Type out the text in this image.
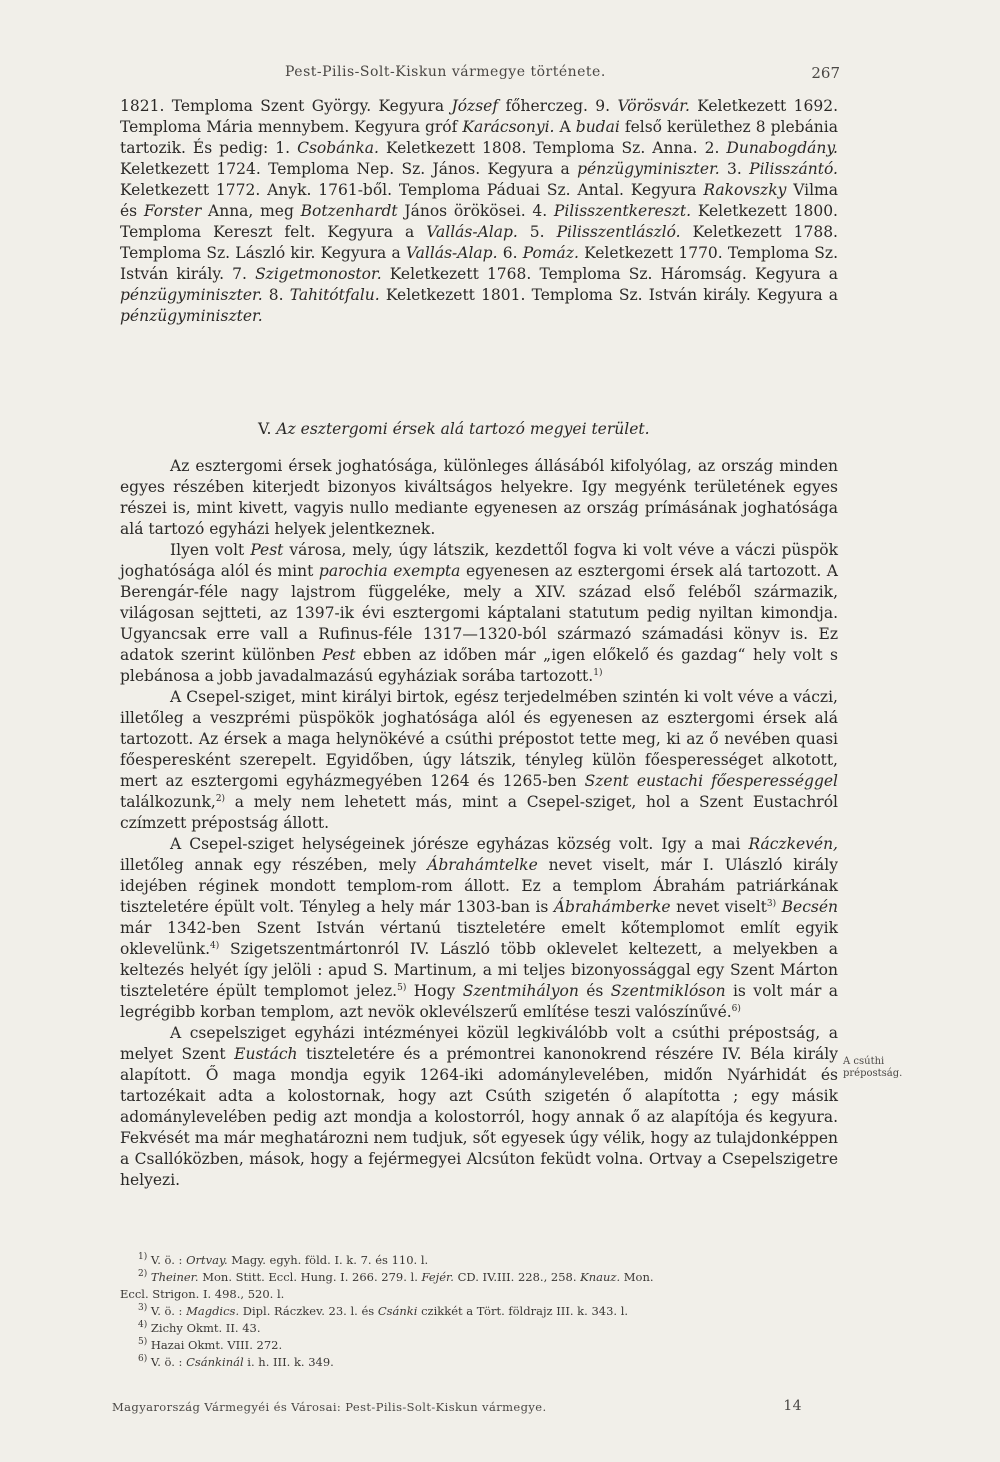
Pest-Pilis-Solt-Kiskun vármegye története.	267

1821. Temploma Szent György. Kegyura József főherczeg. 9. Vörösvár. Keletkezett 1692. Temploma Mária mennybem. Kegyura gróf Karácsonyi. A budai felső kerülethez 8 plebánia tartozik. És pedig: 1. Csobánka. Keletkezett 1808. Temploma Sz. Anna. 2. Dunabogdány. Keletkezett 1724. Temploma Nep. Sz. János. Kegyura a pénzügyminiszter. 3. Pilisszántó. Keletkezett 1772. Anyk. 1761-ből. Temploma Páduai Sz. Antal. Kegyura Rakovszky Vilma és Forster Anna, meg Botzenhardt János örökösei. 4. Pilisszentkereszt. Keletkezett 1800. Temploma Kereszt felt. Kegyura a Vallás-Alap. 5. Pilisszentlászló. Keletkezett 1788. Temploma Sz. László kir. Kegyura a Vallás-Alap. 6. Pomáz. Keletkezett 1770. Temploma Sz. István király. 7. Szigetmonostor. Keletkezett 1768. Temploma Sz. Háromság. Kegyura a pénzügyminiszter. 8. Tahitótfalu. Keletkezett 1801. Temploma Sz. István király. Kegyura a pénzügyminiszter.

V. Az esztergomi érsek alá tartozó megyei terület.

Az esztergomi érsek joghatósága, különleges állásából kifolyólag, az ország minden egyes részében kiterjedt bizonyos kiváltságos helyekre. Igy megyénk területének egyes részei is, mint kivett, vagyis nullo mediante egyenesen az ország prímásának joghatósága alá tartozó egyházi helyek jelentkeznek.

Ilyen volt Pest városa, mely, úgy látszik, kezdettől fogva ki volt véve a váczi püspök joghatósága alól és mint parochia exempta egyenesen az esztergomi érsek alá tartozott. A Berengár-féle nagy lajstrom függeléke, mely a XIV. század első feléből származik, világosan sejtteti, az 1397-ik évi esztergomi káptalani statutum pedig nyiltan kimondja. Ugyancsak erre vall a Rufinus-féle 1317—1320-ból származó számadási könyv is. Ez adatok szerint különben Pest ebben az időben már „igen előkelő és gazdag“ hely volt s plebánosa a jobb javadalmazású egyháziak sorába tartozott.$^{1)}$

A Csepel-sziget, mint királyi birtok, egész terjedelmében szintén ki volt véve a váczi, illetőleg a veszprémi püspökök joghatósága alól és egyenesen az esztergomi érsek alá tartozott. Az érsek a maga helynökévé a csúthi prépostot tette meg, ki az ő nevében quasi főesperesként szerepelt. Egyidőben, úgy látszik, tényleg külön főesperességet alkotott, mert az esztergomi egyházmegyében 1264 és 1265-ben Szent eustachi főesperességgel találkozunk,$^{2)}$ a mely nem lehetett más, mint a Csepel-sziget, hol a Szent Eustachról czímzett prépostság állott.

A Csepel-sziget helységeinek jórésze egyházas község volt. Igy a mai Ráczkevén, illetőleg annak egy részében, mely Ábrahámtelke nevet viselt, már I. Ulászló király idejében réginek mondott templom-rom állott. Ez a templom Ábrahám patriárkának tiszteletére épült volt. Tényleg a hely már 1303-ban is Ábrahámberke nevet viselt$^{3)}$ Becsén már 1342-ben Szent István vértanú tiszteletére emelt kőtemplomot említ egyik oklevelünk.$^{4)}$ Szigetszentmártonról IV. László több oklevelet keltezett, a melyekben a keltezés helyét így jelöli : apud S. Martinum, a mi teljes bizonyossággal egy Szent Márton tiszteletére épült templomot jelez.$^{5)}$ Hogy Szentmihályon és Szentmiklóson is volt már a legrégibb korban templom, azt nevök oklevélszerű említése teszi valószínűvé.$^{6)}$

A csepelsziget egyházi intézményei közül legkiválóbb volt a csúthi prépostság, a melyet Szent Eustách tiszteletére és a prémontrei kanonokrend részére IV. Béla király alapított. Ő maga mondja egyik 1264-iki adománylevelében, midőn Nyárhidát és tartozékait adta a kolostornak, hogy azt Csúth szigetén ő alapította ; egy másik adománylevelében pedig azt mondja a kolostorról, hogy annak ő az alapítója és kegyura. Fekvését ma már meghatározni nem tudjuk, sőt egyesek úgy vélik, hogy az tulajdonképpen a Csallóközben, mások, hogy a fejérmegyei Alcsúton feküdt volna. Ortvay a Csepelszigetre helyezi.

A csúthi prépostság.

$^{1)}$ V. ö. : Ortvay. Magy. egyh. föld. I. k. 7. és 110. l.

$^{2)}$ Theiner. Mon. Stitt. Eccl. Hung. I. 266. 279. l. Fejér. CD. IV.III. 228., 258. Knauz. Mon.

Eccl. Strigon. I. 498., 520. l.

$^{3)}$ V. ö. : Magdics. Dipl. Ráczkev. 23. l. és Csánki czikkét a Tört. földrajz III. k. 343. l.

$^{4)}$ Zichy Okmt. II. 43.

$^{5)}$ Hazai Okmt. VIII. 272.

$^{6)}$ V. ö. : Csánkinál i. h. III. k. 349.

Magyarország Vármegyéi és Városai: Pest-Pilis-Solt-Kiskun vármegye.	14
